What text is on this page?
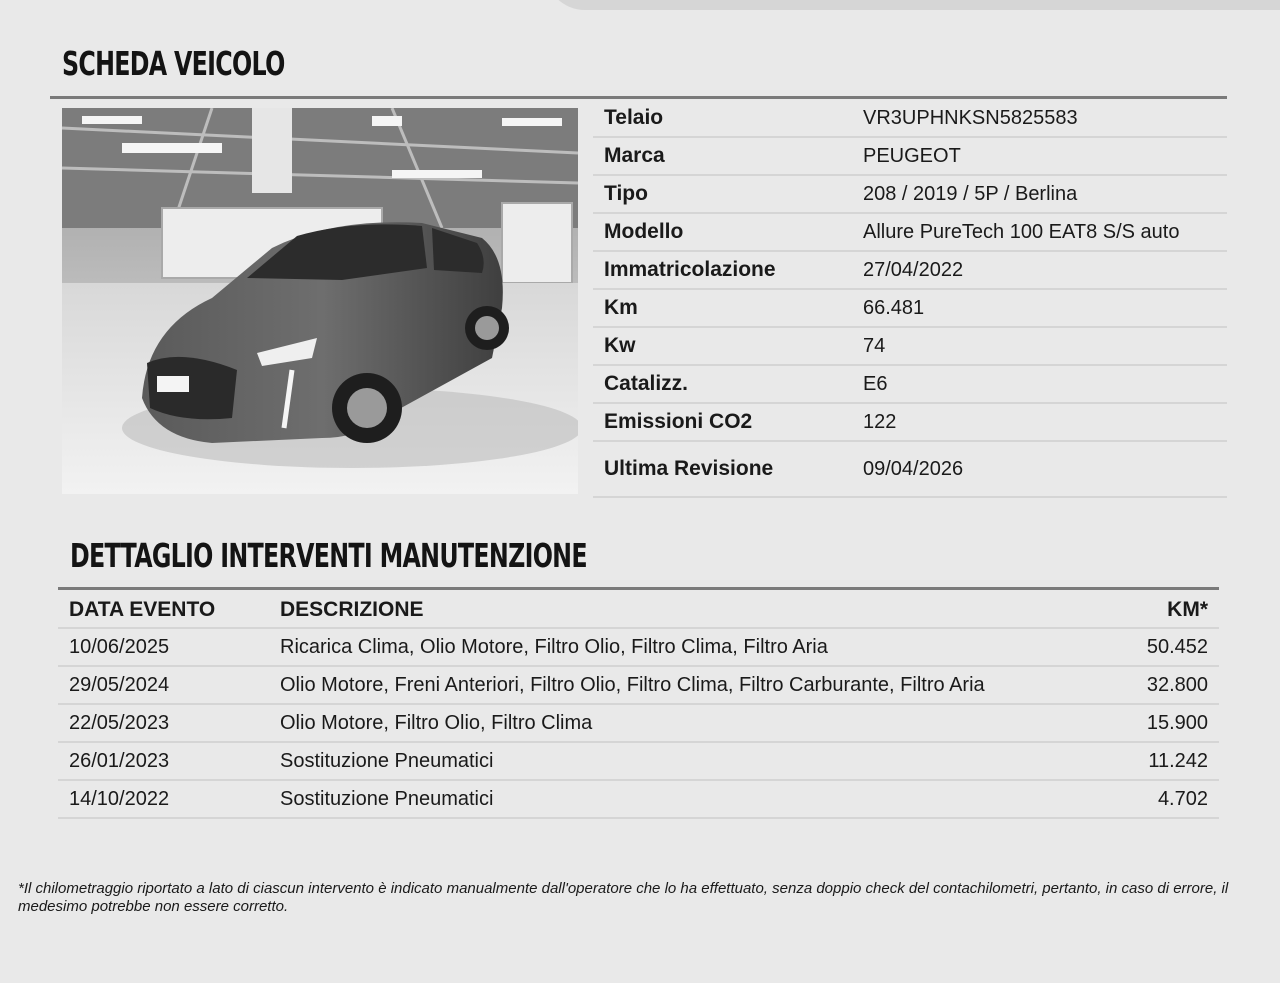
SCHEDA VEICOLO
Telaio	VR3UPHNKSN5825583
Marca	PEUGEOT
Tipo	208 / 2019 / 5P / Berlina
Modello	Allure PureTech 100 EAT8 S/S auto
Immatricolazione	27/04/2022
Km	66.481
Kw	74
Catalizz.	E6
Emissioni CO2	122
Ultima Revisione	09/04/2026
DETTAGLIO INTERVENTI MANUTENZIONE
DATA EVENTO	DESCRIZIONE	KM*
10/06/2025	Ricarica Clima, Olio Motore, Filtro Olio, Filtro Clima, Filtro Aria	50.452
29/05/2024	Olio Motore, Freni Anteriori, Filtro Olio, Filtro Clima, Filtro Carburante, Filtro Aria	32.800
22/05/2023	Olio Motore, Filtro Olio, Filtro Clima	15.900
26/01/2023	Sostituzione Pneumatici	11.242
14/10/2022	Sostituzione Pneumatici	4.702
*Il chilometraggio riportato a lato di ciascun intervento è indicato manualmente dall'operatore che lo ha effettuato, senza doppio check del contachilometri, pertanto, in caso di errore, il medesimo potrebbe non essere corretto.
